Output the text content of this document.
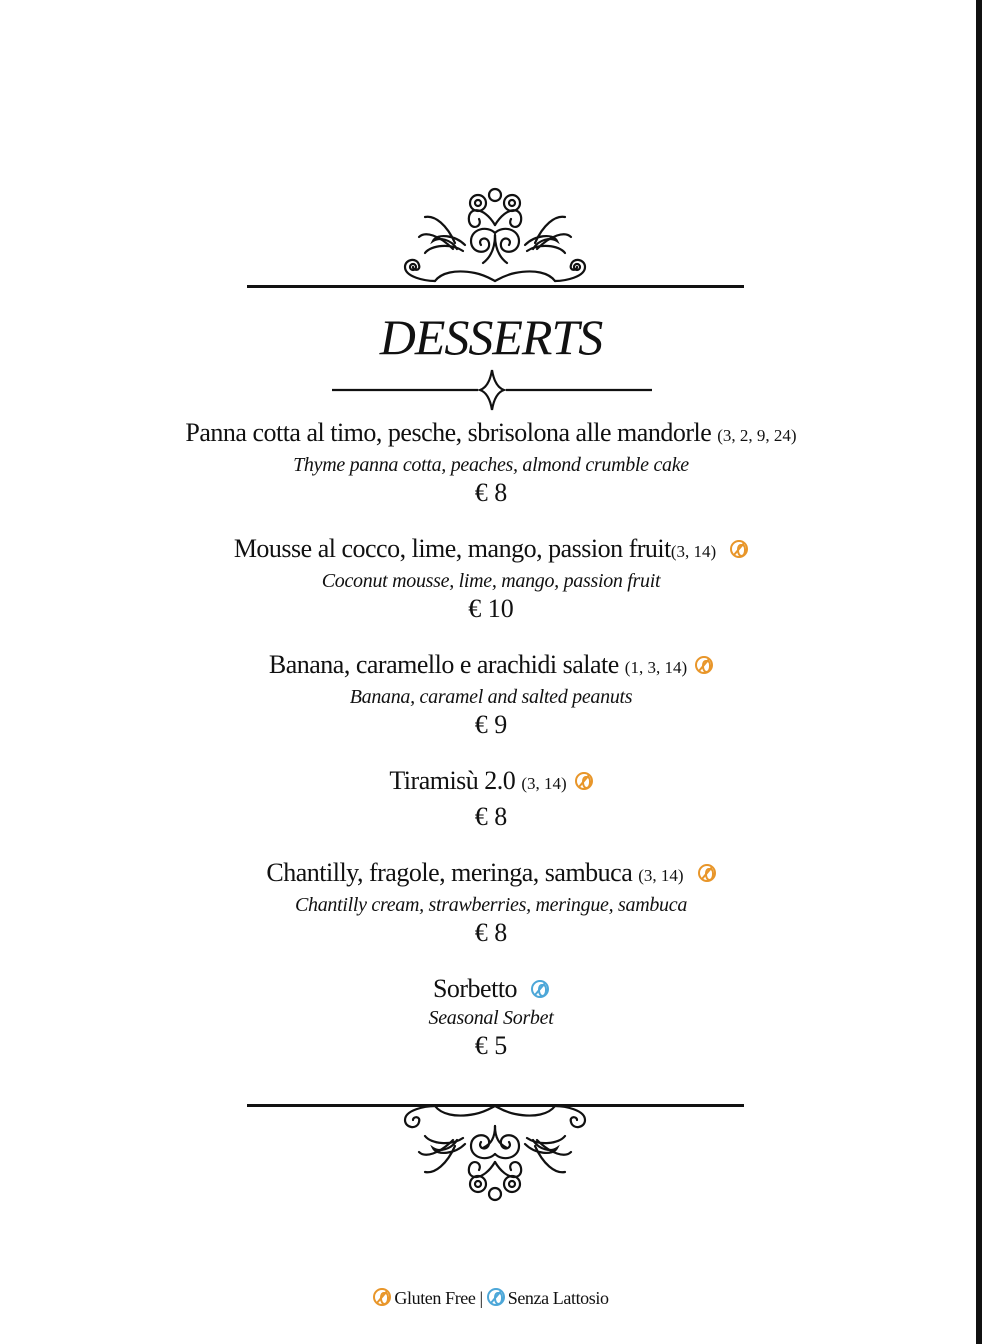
DESSERTS
Panna cotta al timo, pesche, sbrisolona alle mandorle (3, 2, 9, 24)
Thyme panna cotta, peaches, almond crumble cake
€ 8
Mousse al cocco, lime, mango, passion fruit(3, 14)
Coconut mousse, lime, mango, passion fruit
€ 10
Banana, caramello e arachidi salate (1, 3, 14)
Banana, caramel and salted peanuts
€ 9
Tiramisù 2.0 (3, 14)
€ 8
Chantilly, fragole, meringa, sambuca (3, 14)
Chantilly cream, strawberries, meringue, sambuca
€ 8
Sorbetto
Seasonal Sorbet
€ 5
Gluten Free | Senza Lattosio
